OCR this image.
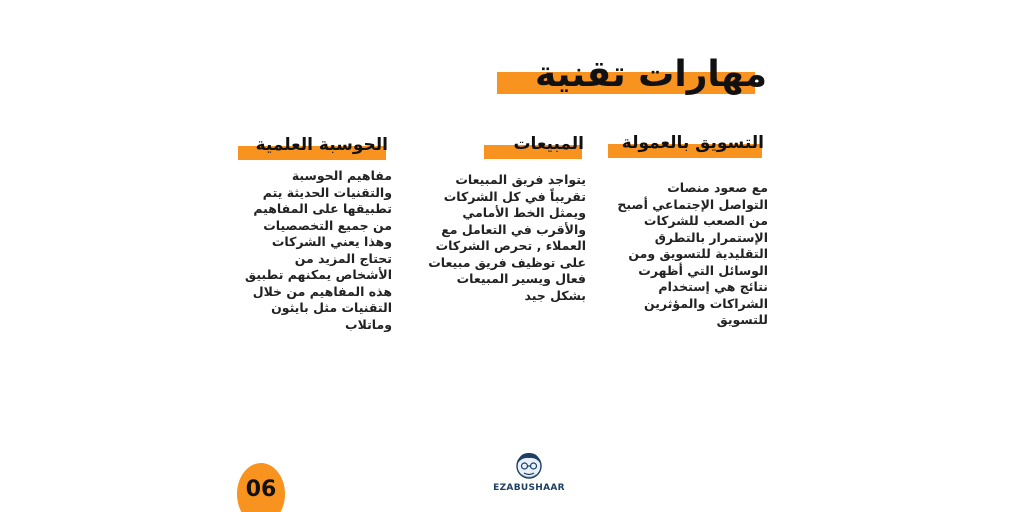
مهارات تقنية
التسويق بالعمولة
مع صعود منصات
التواصل الإجتماعي أصبح
من الصعب للشركات
الإستمرار بالتطرق
التقليدية للتسويق ومن
الوسائل التي أظهرت
نتائج هي إستخدام
الشراكات والمؤثرين
للتسويق
المبيعات
يتواجد فريق المبيعات
تقريباً في كل الشركات
ويمثل الخط الأمامي
والأقرب في التعامل مع
العملاء , تحرص الشركات
على توظيف فريق مبيعات
فعال ويسير المبيعات
بشكل جيد
الحوسبة العلمية
مفاهيم الحوسبة
والتقنيات الحديثة يتم
تطبيقها على المفاهيم
من جميع التخصصيات
وهذا يعني الشركات
تحتاج المزيد من
الأشخاص يمكنهم تطبيق
هذه المفاهيم من خلال
التقنيات مثل بايثون
وماتلاب
06	EZABUSHAAR
